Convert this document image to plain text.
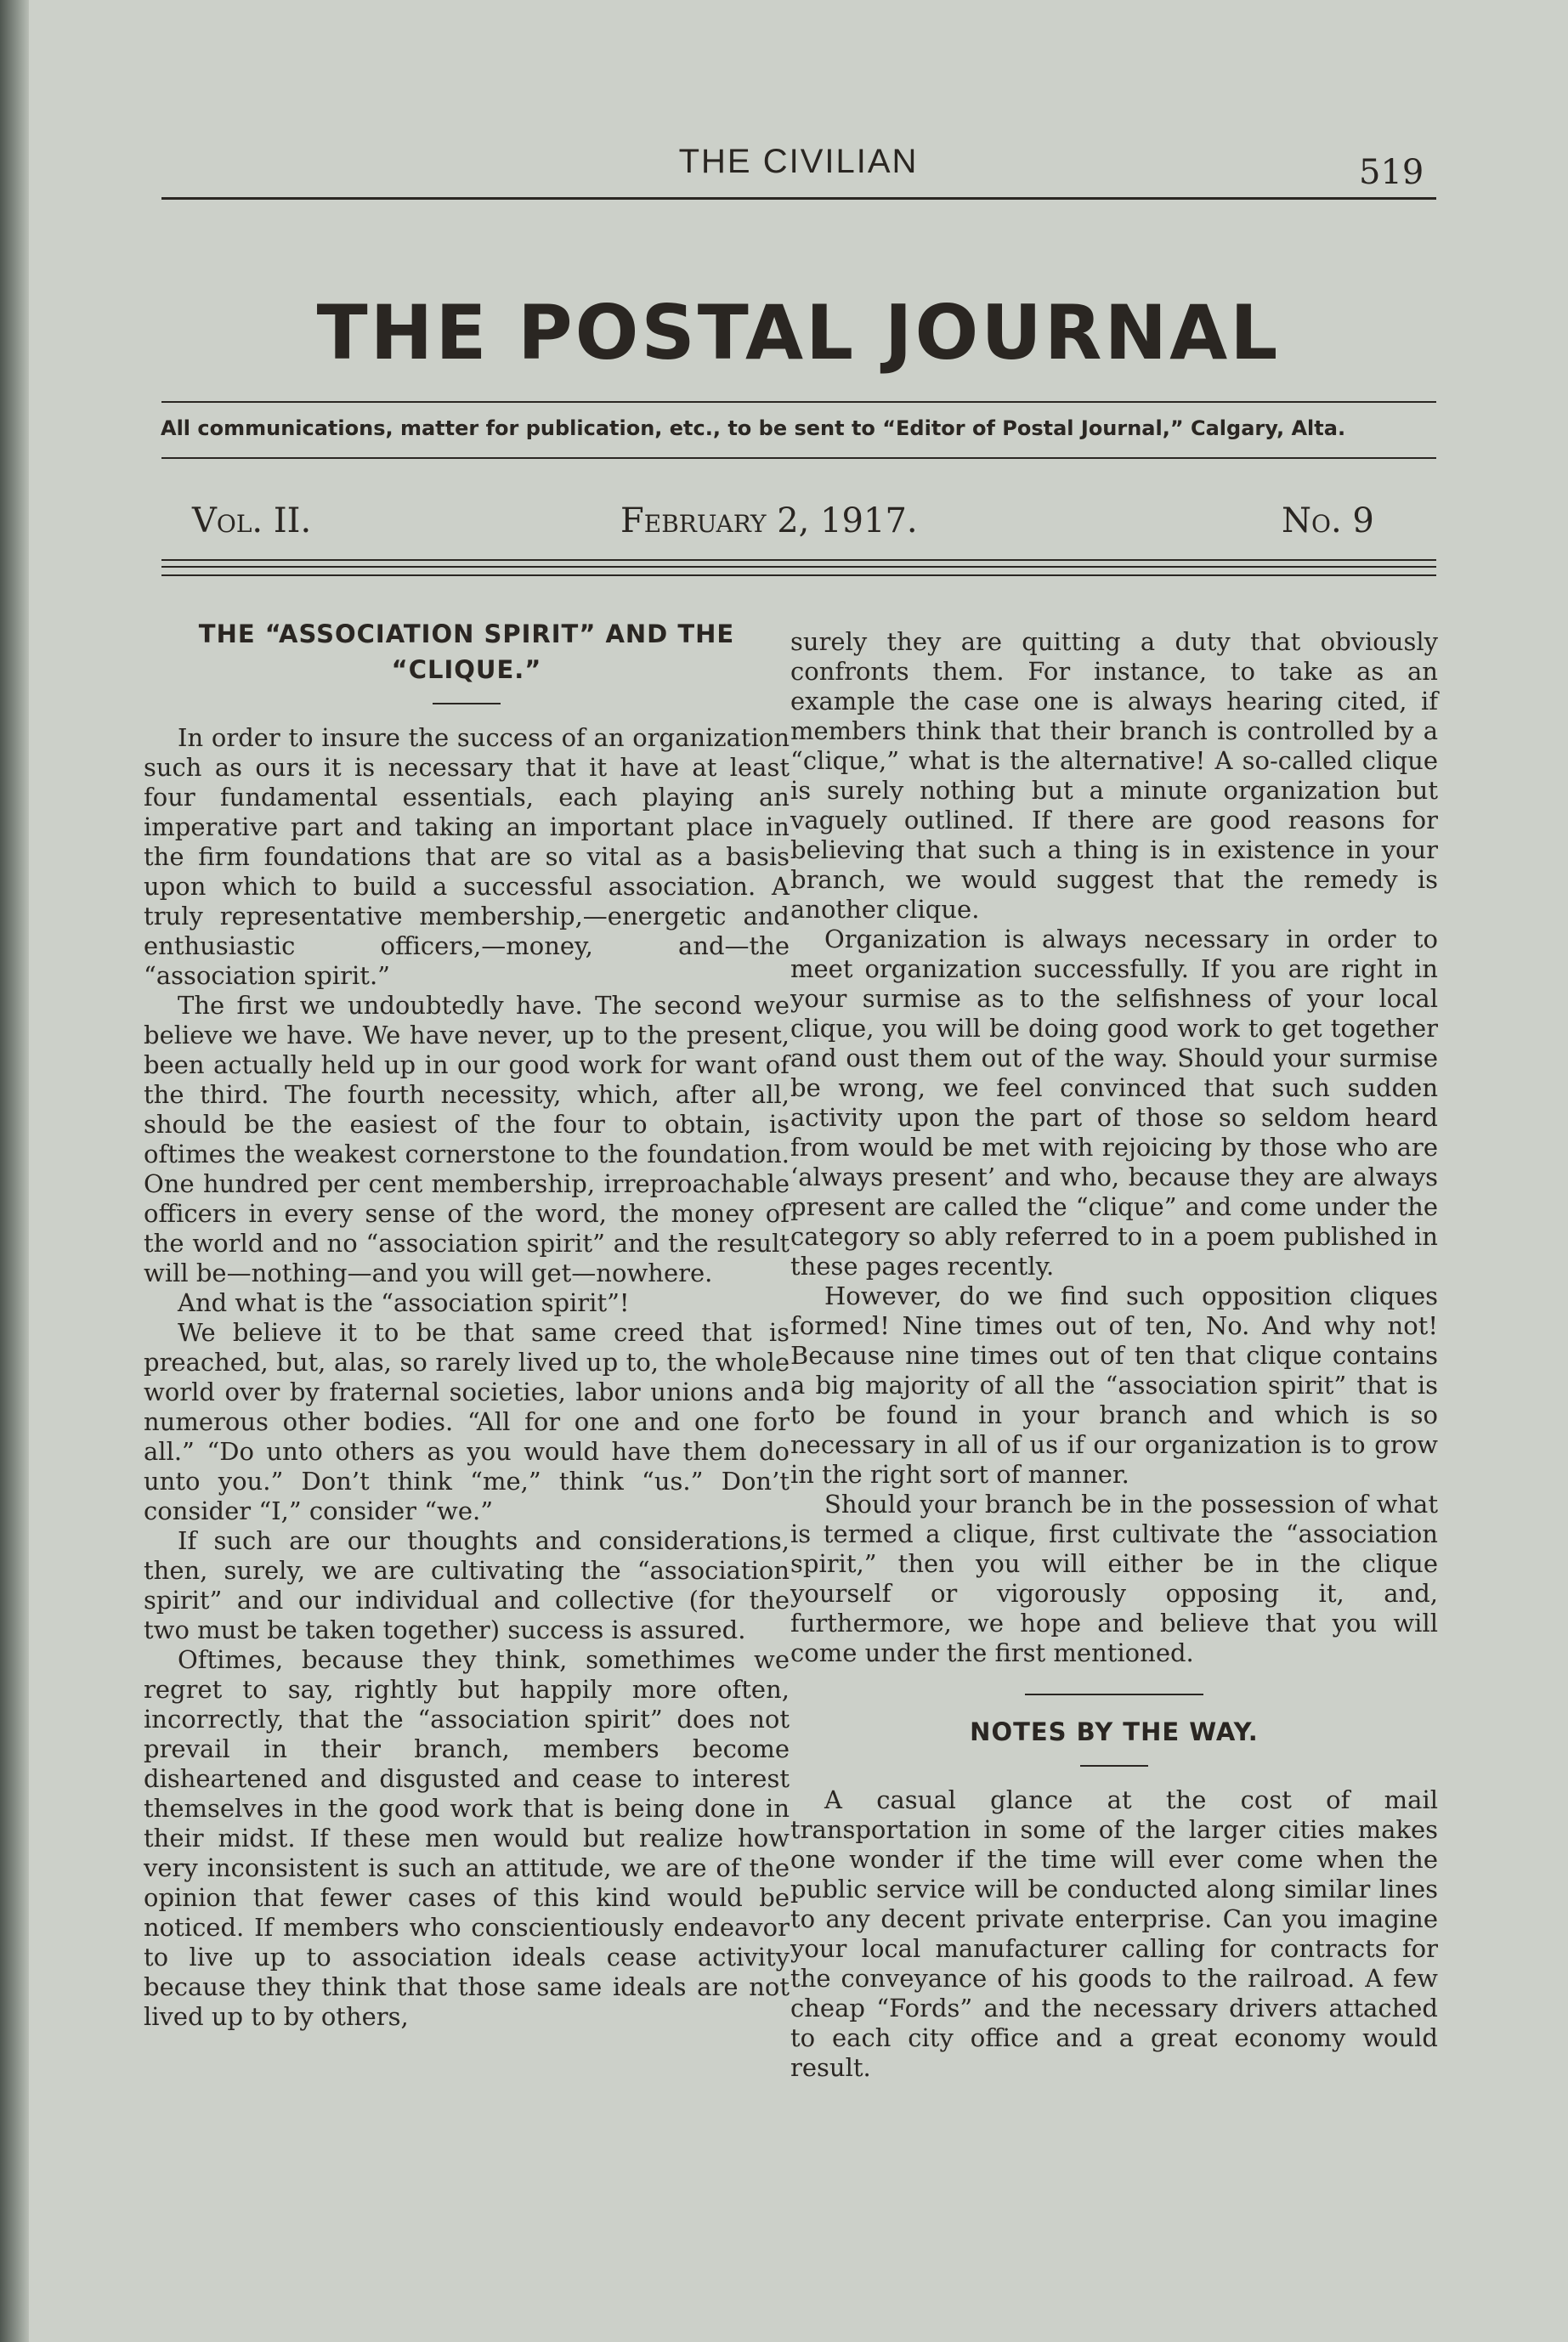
THE CIVILIAN	519
THE POSTAL JOURNAL
All communications, matter for publication, etc., to be sent to “Editor of Postal Journal,” Calgary, Alta.
Vol. II.	February 2, 1917.	No. 9
THE “ASSOCIATION SPIRIT” AND THE “CLIQUE.”

In order to insure the success of an organization such as ours it is necessary that it have at least four fundamental essentials, each playing an imperative part and taking an important place in the firm foundations that are so vital as a basis upon which to build a successful association. A truly representative membership,—energetic and enthusiastic officers,—money, and—the “association spirit.”

The first we undoubtedly have. The second we believe we have. We have never, up to the present, been actually held up in our good work for want of the third. The fourth necessity, which, after all, should be the easiest of the four to obtain, is oftimes the weakest cornerstone to the foundation. One hundred per cent membership, irreproachable officers in every sense of the word, the money of the world and no “association spirit” and the result will be—nothing—and you will get—nowhere.

And what is the “association spirit”!

We believe it to be that same creed that is preached, but, alas, so rarely lived up to, the whole world over by fraternal societies, labor unions and numerous other bodies. “All for one and one for all.” “Do unto others as you would have them do unto you.” Don’t think “me,” think “us.” Don’t consider “I,” consider “we.”

If such are our thoughts and considerations, then, surely, we are cultivating the “association spirit” and our individual and collective (for the two must be taken together) success is assured.

Oftimes, because they think, somethimes we regret to say, rightly but happily more often, incorrectly, that the “association spirit” does not prevail in their branch, members become disheartened and disgusted and cease to interest themselves in the good work that is being done in their midst. If these men would but realize how very inconsistent is such an attitude, we are of the opinion that fewer cases of this kind would be noticed. If members who conscientiously endeavor to live up to association ideals cease activity because they think that those same ideals are not lived up to by others,

surely they are quitting a duty that obviously confronts them. For instance, to take as an example the case one is always hearing cited, if members think that their branch is controlled by a “clique,” what is the alternative! A so-called clique is surely nothing but a minute organization but vaguely outlined. If there are good reasons for believing that such a thing is in existence in your branch, we would suggest that the remedy is another clique.

Organization is always necessary in order to meet organization successfully. If you are right in your surmise as to the selfishness of your local clique, you will be doing good work to get together and oust them out of the way. Should your surmise be wrong, we feel convinced that such sudden activity upon the part of those so seldom heard from would be met with rejoicing by those who are ‘always present’ and who, because they are always present are called the “clique” and come under the category so ably referred to in a poem published in these pages recently.

However, do we find such opposition cliques formed! Nine times out of ten, No. And why not! Because nine times out of ten that clique contains a big majority of all the “association spirit” that is to be found in your branch and which is so necessary in all of us if our organization is to grow in the right sort of manner.

Should your branch be in the possession of what is termed a clique, first cultivate the “association spirit,” then you will either be in the clique yourself or vigorously opposing it, and, furthermore, we hope and believe that you will come under the first mentioned.

NOTES BY THE WAY.

A casual glance at the cost of mail transportation in some of the larger cities makes one wonder if the time will ever come when the public service will be conducted along similar lines to any decent private enterprise. Can you imagine your local manufacturer calling for contracts for the conveyance of his goods to the railroad. A few cheap “Fords” and the necessary drivers attached to each city office and a great economy would result.
